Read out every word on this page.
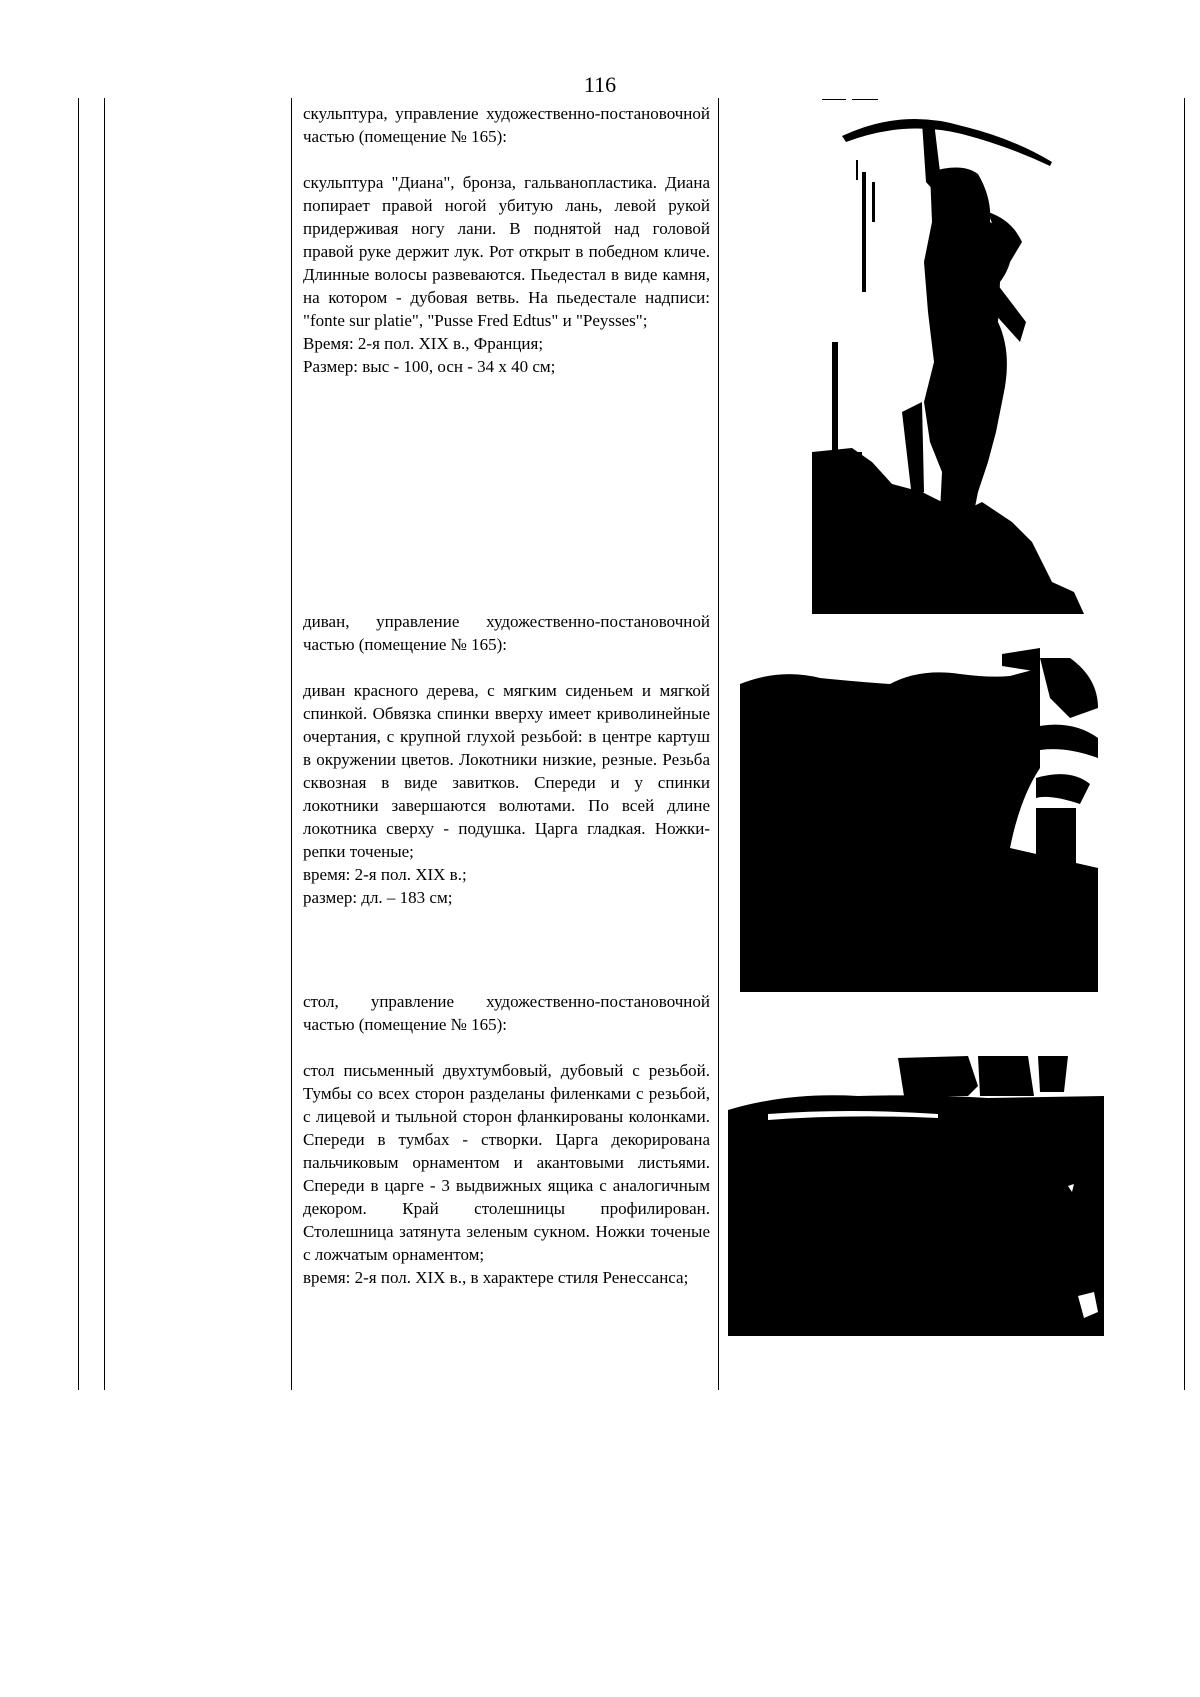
116

скульптура, управление художественно-постановочной частью (помещение № 165):

скульптура "Диана", бронза, гальванопластика. Диана попирает правой ногой убитую лань, левой рукой придерживая ногу лани. В поднятой над головой правой руке держит лук. Рот открыт в победном кличе. Длинные волосы развеваются. Пьедестал в виде камня, на котором - дубовая ветвь. На пьедестале надписи: "fonte sur platie", "Pusse Fred Edtus" и "Peysses";

Время: 2-я пол. XIX в., Франция;

Размер: выс - 100, осн - 34 х 40 см;

диван, управление художественно-постановочной частью (помещение № 165):

диван красного дерева, с мягким сиденьем и мягкой спинкой. Обвязка спинки вверху имеет криволинейные очертания, с крупной глухой резьбой: в центре картуш в окружении цветов. Локотники низкие, резные. Резьба сквозная в виде завитков. Спереди и у спинки локотники завершаются волютами. По всей длине локотника сверху - подушка. Царга гладкая. Ножки-репки точеные;

время: 2-я пол. XIX в.;

размер: дл. – 183 см;

стол, управление художественно-постановочной частью (помещение № 165):

стол письменный двухтумбовый, дубовый с резьбой. Тумбы со всех сторон разделаны филенками с резьбой, с лицевой и тыльной сторон фланкированы колонками. Спереди в тумбах - створки. Царга декорирована пальчиковым орнаментом и акантовыми листьями. Спереди в царге - 3 выдвижных ящика с аналогичным декором. Край столешницы профилирован. Столешница затянута зеленым сукном. Ножки точеные с ложчатым орнаментом;

время: 2-я пол. XIX в., в характере стиля Ренессанса;
